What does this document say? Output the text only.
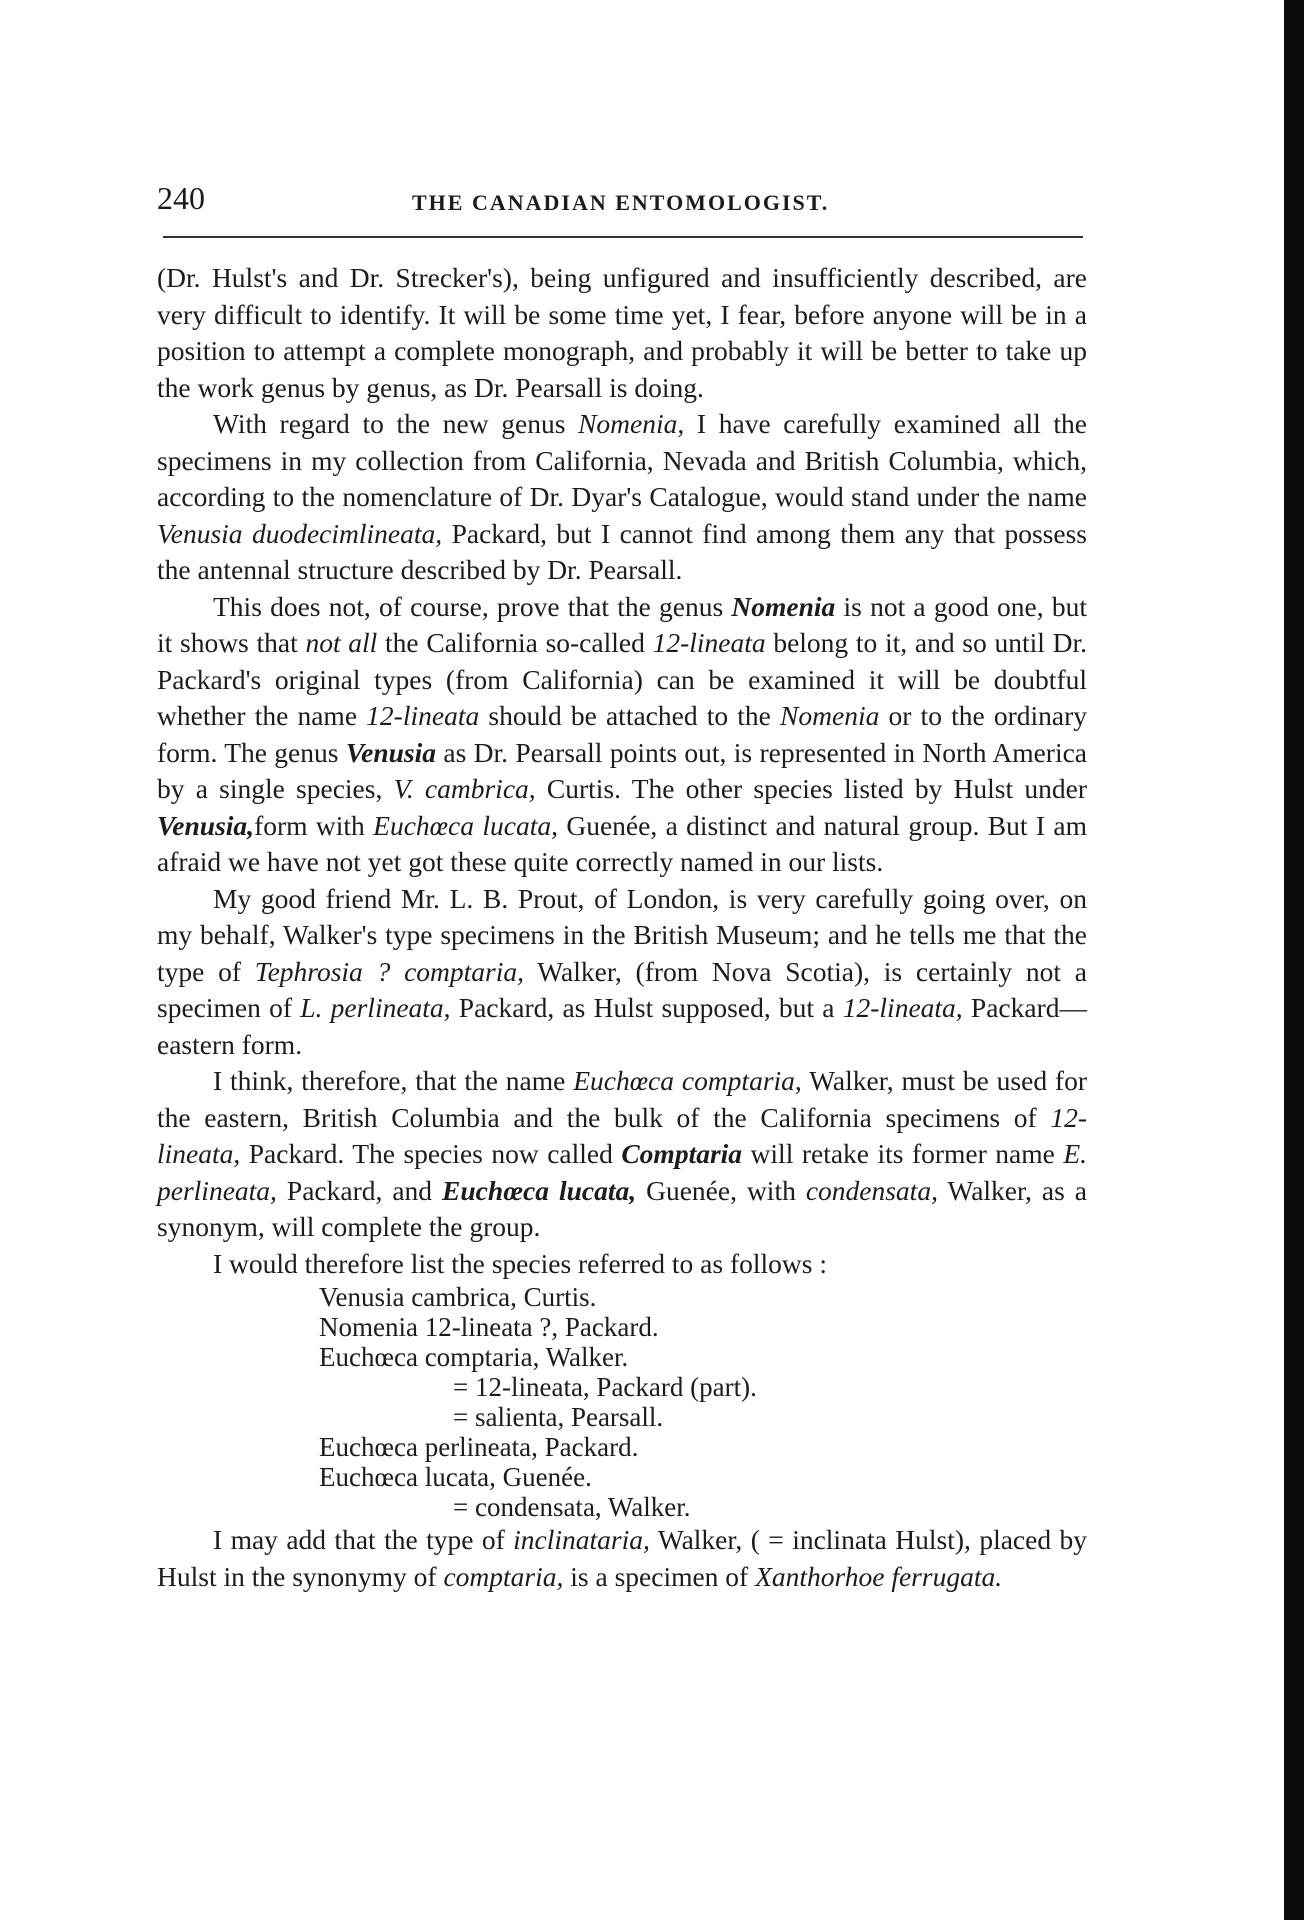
240	THE CANADIAN ENTOMOLOGIST.

(Dr. Hulst's and Dr. Strecker's), being unfigured and insufficiently described, are very difficult to identify. It will be some time yet, I fear, before anyone will be in a position to attempt a complete monograph, and probably it will be better to take up the work genus by genus, as Dr. Pearsall is doing.

With regard to the new genus Nomenia, I have carefully examined all the specimens in my collection from California, Nevada and British Columbia, which, according to the nomenclature of Dr. Dyar's Catalogue, would stand under the name Venusia duodecimlineata, Packard, but I cannot find among them any that possess the antennal structure described by Dr. Pearsall.

This does not, of course, prove that the genus Nomenia is not a good one, but it shows that not all the California so-called 12-lineata belong to it, and so until Dr. Packard's original types (from California) can be examined it will be doubtful whether the name 12-lineata should be attached to the Nomenia or to the ordinary form. The genus Venusia as Dr. Pearsall points out, is represented in North America by a single species, V. cambrica, Curtis. The other species listed by Hulst under Venusia,form with Euchœca lucata, Guenée, a distinct and natural group. But I am afraid we have not yet got these quite correctly named in our lists.

My good friend Mr. L. B. Prout, of London, is very carefully going over, on my behalf, Walker's type specimens in the British Museum; and he tells me that the type of Tephrosia ? comptaria, Walker, (from Nova Scotia), is certainly not a specimen of L. perlineata, Packard, as Hulst supposed, but a 12-lineata, Packard—eastern form.

I think, therefore, that the name Euchœca comptaria, Walker, must be used for the eastern, British Columbia and the bulk of the California specimens of 12-lineata, Packard. The species now called Comptaria will retake its former name E. perlineata, Packard, and Euchœca lucata, Guenée, with condensata, Walker, as a synonym, will complete the group.

I would therefore list the species referred to as follows :

Venusia cambrica, Curtis.
Nomenia 12-lineata ?, Packard.
Euchœca comptaria, Walker.
= 12-lineata, Packard (part).
= salienta, Pearsall.
Euchœca perlineata, Packard.
Euchœca lucata, Guenée.
= condensata, Walker.

I may add that the type of inclinataria, Walker, ( = inclinata Hulst), placed by Hulst in the synonymy of comptaria, is a specimen of Xanthorhoe ferrugata.
